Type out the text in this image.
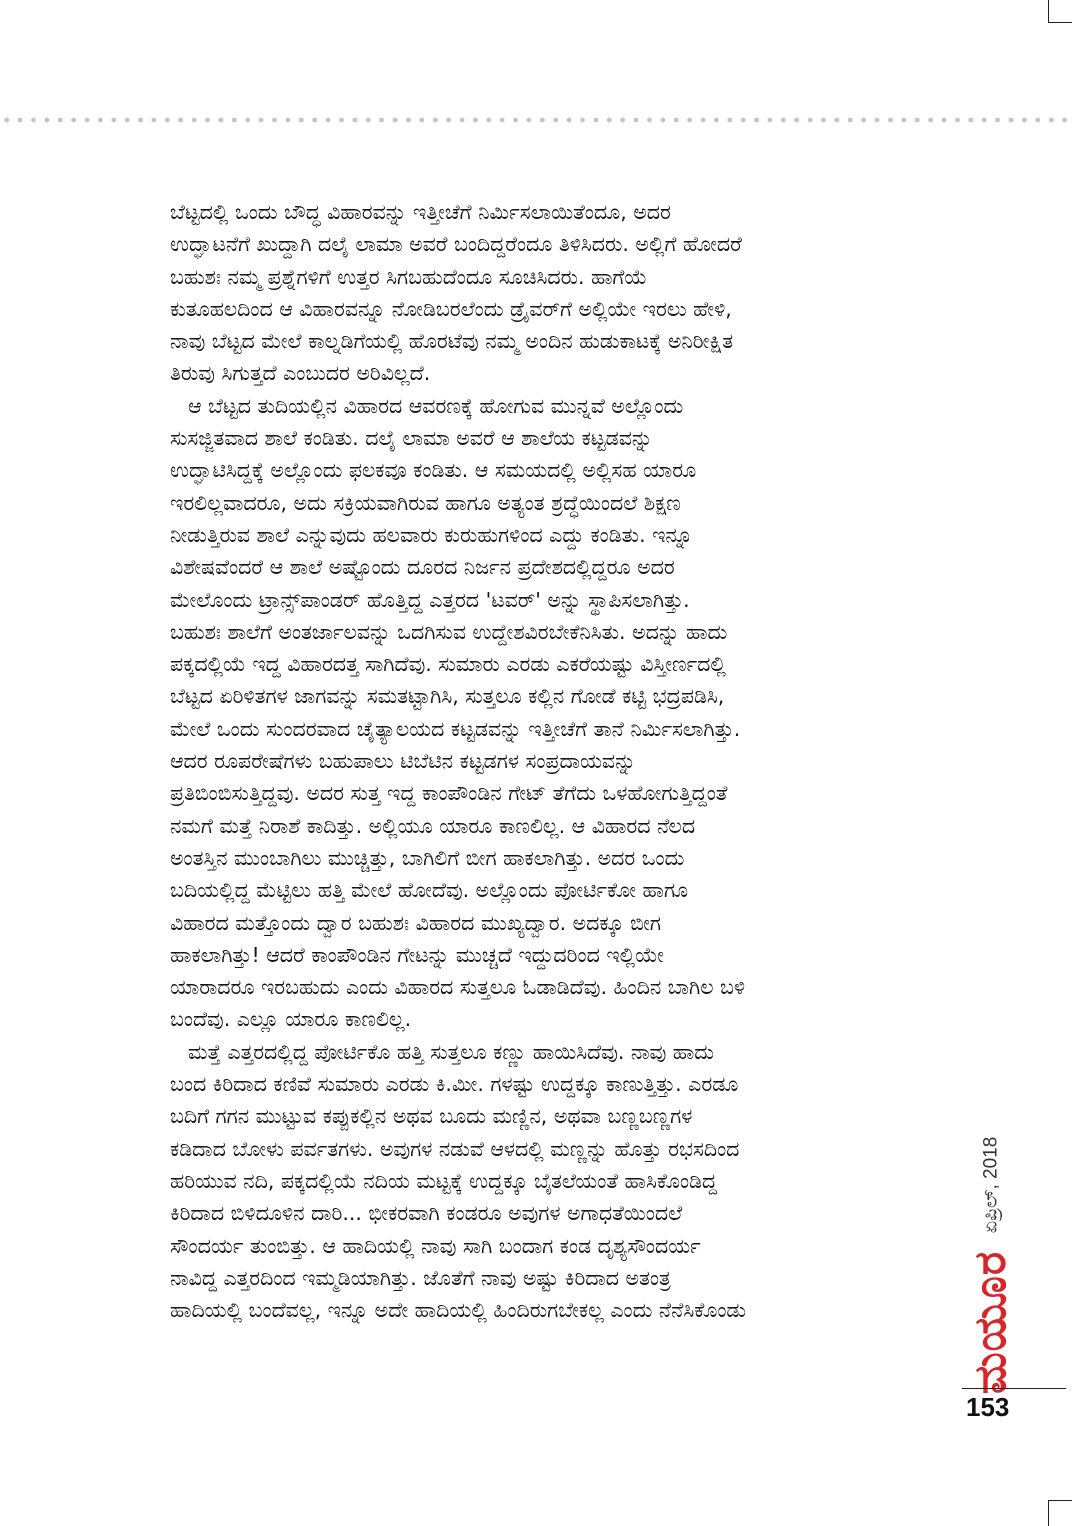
ಬೆಟ್ಟದಲ್ಲಿ ಒಂದು ಬೌದ್ಧ ವಿಹಾರವನ್ನು ಇತ್ತೀಚೆಗೆ ನಿರ್ಮಿಸಲಾಯಿತೆಂದೂ, ಅದರ

ಉದ್ಘಾಟನೆಗೆ ಖುದ್ದಾಗಿ ದಲೈ ಲಾಮಾ ಅವರೆ ಬಂದಿದ್ದರೆಂದೂ ತಿಳಿಸಿದರು. ಅಲ್ಲಿಗೆ ಹೋದರೆ

ಬಹುಶಃ ನಮ್ಮ ಪ್ರಶ್ನೆಗಳಿಗೆ ಉತ್ತರ ಸಿಗಬಹುದೆಂದೂ ಸೂಚಿಸಿದರು. ಹಾಗೆಯೆ

ಕುತೂಹಲದಿಂದ ಆ ವಿಹಾರವನ್ನೂ ನೋಡಿಬರಲೆಂದು ಡ್ರೈವರ್‌ಗೆ ಅಲ್ಲಿಯೇ ಇರಲು ಹೇಳಿ,

ನಾವು ಬೆಟ್ಟದ ಮೇಲೆ ಕಾಲ್ನಡಿಗೆಯಲ್ಲಿ ಹೊರಟೆವು ನಮ್ಮ ಅಂದಿನ ಹುಡುಕಾಟಕ್ಕೆ ಅನಿರೀಕ್ಷಿತ

ತಿರುವು ಸಿಗುತ್ತದೆ ಎಂಬುದರ ಅರಿವಿಲ್ಲದೆ.

ಆ ಬೆಟ್ಟದ ತುದಿಯಲ್ಲಿನ ವಿಹಾರದ ಆವರಣಕ್ಕೆ ಹೋಗುವ ಮುನ್ನವೆ ಅಲ್ಲೊಂದು

ಸುಸಜ್ಜಿತವಾದ ಶಾಲೆ ಕಂಡಿತು. ದಲೈ ಲಾಮಾ ಅವರೆ ಆ ಶಾಲೆಯ ಕಟ್ಟಡವನ್ನು

ಉದ್ಘಾಟಿಸಿದ್ದಕ್ಕೆ ಅಲ್ಲೊಂದು ಫಲಕವೂ ಕಂಡಿತು. ಆ ಸಮಯದಲ್ಲಿ ಅಲ್ಲಿಸಹ ಯಾರೂ

ಇರಲಿಲ್ಲವಾದರೂ, ಅದು ಸಕ್ರಿಯವಾಗಿರುವ ಹಾಗೂ ಅತ್ಯಂತ ಶ್ರದ್ಧೆಯಿಂದಲೆ ಶಿಕ್ಷಣ

ನೀಡುತ್ತಿರುವ ಶಾಲೆ ಎನ್ನುವುದು ಹಲವಾರು ಕುರುಹುಗಳಿಂದ ಎದ್ದು ಕಂಡಿತು. ಇನ್ನೂ

ವಿಶೇಷವೆಂದರೆ ಆ ಶಾಲೆ ಅಷ್ಟೊಂದು ದೂರದ ನಿರ್ಜನ ಪ್ರದೇಶದಲ್ಲಿದ್ದರೂ ಅದರ

ಮೇಲೊಂದು ಟ್ರಾನ್ಸ್‌ಪಾಂಡರ್ ಹೊತ್ತಿದ್ದ ಎತ್ತರದ 'ಟವರ್' ಅನ್ನು ಸ್ಥಾಪಿಸಲಾಗಿತ್ತು.

ಬಹುಶಃ ಶಾಲೆಗೆ ಅಂತರ್ಜಾಲವನ್ನು ಒದಗಿಸುವ ಉದ್ದೇಶವಿರಬೇಕೆನಿಸಿತು. ಅದನ್ನು ಹಾದು

ಪಕ್ಕದಲ್ಲಿಯೆ ಇದ್ದ ವಿಹಾರದತ್ತ ಸಾಗಿದೆವು. ಸುಮಾರು ಎರಡು ಎಕರೆಯಷ್ಟು ವಿಸ್ತೀರ್ಣದಲ್ಲಿ

ಬೆಟ್ಟದ ಏರಿಳಿತಗಳ ಜಾಗವನ್ನು ಸಮತಟ್ಟಾಗಿಸಿ, ಸುತ್ತಲೂ ಕಲ್ಲಿನ ಗೋಡೆ ಕಟ್ಟಿ ಭದ್ರಪಡಿಸಿ,

ಮೇಲೆ ಒಂದು ಸುಂದರವಾದ ಚೈತ್ಯಾಲಯದ ಕಟ್ಟಡವನ್ನು ಇತ್ತೀಚೆಗೆ ತಾನೆ ನಿರ್ಮಿಸಲಾಗಿತ್ತು.

ಆದರ ರೂಪರೇಷೆಗಳು ಬಹುಪಾಲು ಟಿಬೆಟಿನ ಕಟ್ಟಡಗಳ ಸಂಪ್ರದಾಯವನ್ನು

ಪ್ರತಿಬಿಂಬಿಸುತ್ತಿದ್ದವು. ಅದರ ಸುತ್ತ ಇದ್ದ ಕಾಂಪೌಂಡಿನ ಗೇಟ್ ತೆಗೆದು ಒಳಹೋಗುತ್ತಿದ್ದಂತೆ

ನಮಗೆ ಮತ್ತೆ ನಿರಾಶೆ ಕಾದಿತ್ತು. ಅಲ್ಲಿಯೂ ಯಾರೂ ಕಾಣಲಿಲ್ಲ. ಆ ವಿಹಾರದ ನೆಲದ

ಅಂತಸ್ತಿನ ಮುಂಬಾಗಿಲು ಮುಚ್ಚಿತ್ತು, ಬಾಗಿಲಿಗೆ ಬೀಗ ಹಾಕಲಾಗಿತ್ತು. ಅದರ ಒಂದು

ಬದಿಯಲ್ಲಿದ್ದ ಮೆಟ್ಟಿಲು ಹತ್ತಿ ಮೇಲೆ ಹೋದೆವು. ಅಲ್ಲೊಂದು ಪೋರ್ಟಿಕೋ ಹಾಗೂ

ವಿಹಾರದ ಮತ್ತೊಂದು ದ್ವಾರ ಬಹುಶಃ ವಿಹಾರದ ಮುಖ್ಯದ್ವಾರ. ಅದಕ್ಕೂ ಬೀಗ

ಹಾಕಲಾಗಿತ್ತು! ಆದರೆ ಕಾಂಪೌಂಡಿನ ಗೇಟನ್ನು ಮುಚ್ಚದೆ ಇದ್ದುದರಿಂದ ಇಲ್ಲಿಯೇ

ಯಾರಾದರೂ ಇರಬಹುದು ಎಂದು ವಿಹಾರದ ಸುತ್ತಲೂ ಓಡಾಡಿದೆವು. ಹಿಂದಿನ ಬಾಗಿಲ ಬಳಿ

ಬಂದೆವು. ಎಲ್ಲೂ ಯಾರೂ ಕಾಣಲಿಲ್ಲ.

ಮತ್ತೆ ಎತ್ತರದಲ್ಲಿದ್ದ ಪೋರ್ಟಿಕೊ ಹತ್ತಿ ಸುತ್ತಲೂ ಕಣ್ಣು ಹಾಯಿಸಿದೆವು. ನಾವು ಹಾದು

ಬಂದ ಕಿರಿದಾದ ಕಣಿವೆ ಸುಮಾರು ಎರಡು ಕಿ.ಮೀ. ಗಳಷ್ಟು ಉದ್ದಕ್ಕೂ ಕಾಣುತ್ತಿತ್ತು. ಎರಡೂ

ಬದಿಗೆ ಗಗನ ಮುಟ್ಟುವ ಕಪ್ಪುಕಲ್ಲಿನ ಅಥವ ಬೂದು ಮಣ್ಣಿನ, ಅಥವಾ ಬಣ್ಣಬಣ್ಣಗಳ

ಕಡಿದಾದ ಬೋಳು ಪರ್ವತಗಳು. ಅವುಗಳ ನಡುವೆ ಆಳದಲ್ಲಿ ಮಣ್ಣನ್ನು ಹೊತ್ತು ರಭಸದಿಂದ

ಹರಿಯುವ ನದಿ, ಪಕ್ಕದಲ್ಲಿಯೆ ನದಿಯ ಮಟ್ಟಕ್ಕೆ ಉದ್ದಕ್ಕೂ ಬೈತಲೆಯಂತೆ ಹಾಸಿಕೊಂಡಿದ್ದ

ಕಿರಿದಾದ ಬಿಳಿದೂಳಿನ ದಾರಿ... ಭೀಕರವಾಗಿ ಕಂಡರೂ ಅವುಗಳ ಅಗಾಧತೆಯಿಂದಲೆ

ಸೌಂದರ್ಯ ತುಂಬಿತ್ತು. ಆ ಹಾದಿಯಲ್ಲಿ ನಾವು ಸಾಗಿ ಬಂದಾಗ ಕಂಡ ದೃಶ್ಯಸೌಂದರ್ಯ

ನಾವಿದ್ದ ಎತ್ತರದಿಂದ ಇಮ್ಮಡಿಯಾಗಿತ್ತು. ಜೊತೆಗೆ ನಾವು ಅಷ್ಟು ಕಿರಿದಾದ ಅತಂತ್ರ

ಹಾದಿಯಲ್ಲಿ ಬಂದೆವಲ್ಲ, ಇನ್ನೂ ಅದೇ ಹಾದಿಯಲ್ಲಿ ಹಿಂದಿರುಗಬೇಕಲ್ಲ ಎಂದು ನೆನೆಸಿಕೊಂಡು

ಏಪ್ರಿಲ್, 2018
ಮಯೂರ
153
